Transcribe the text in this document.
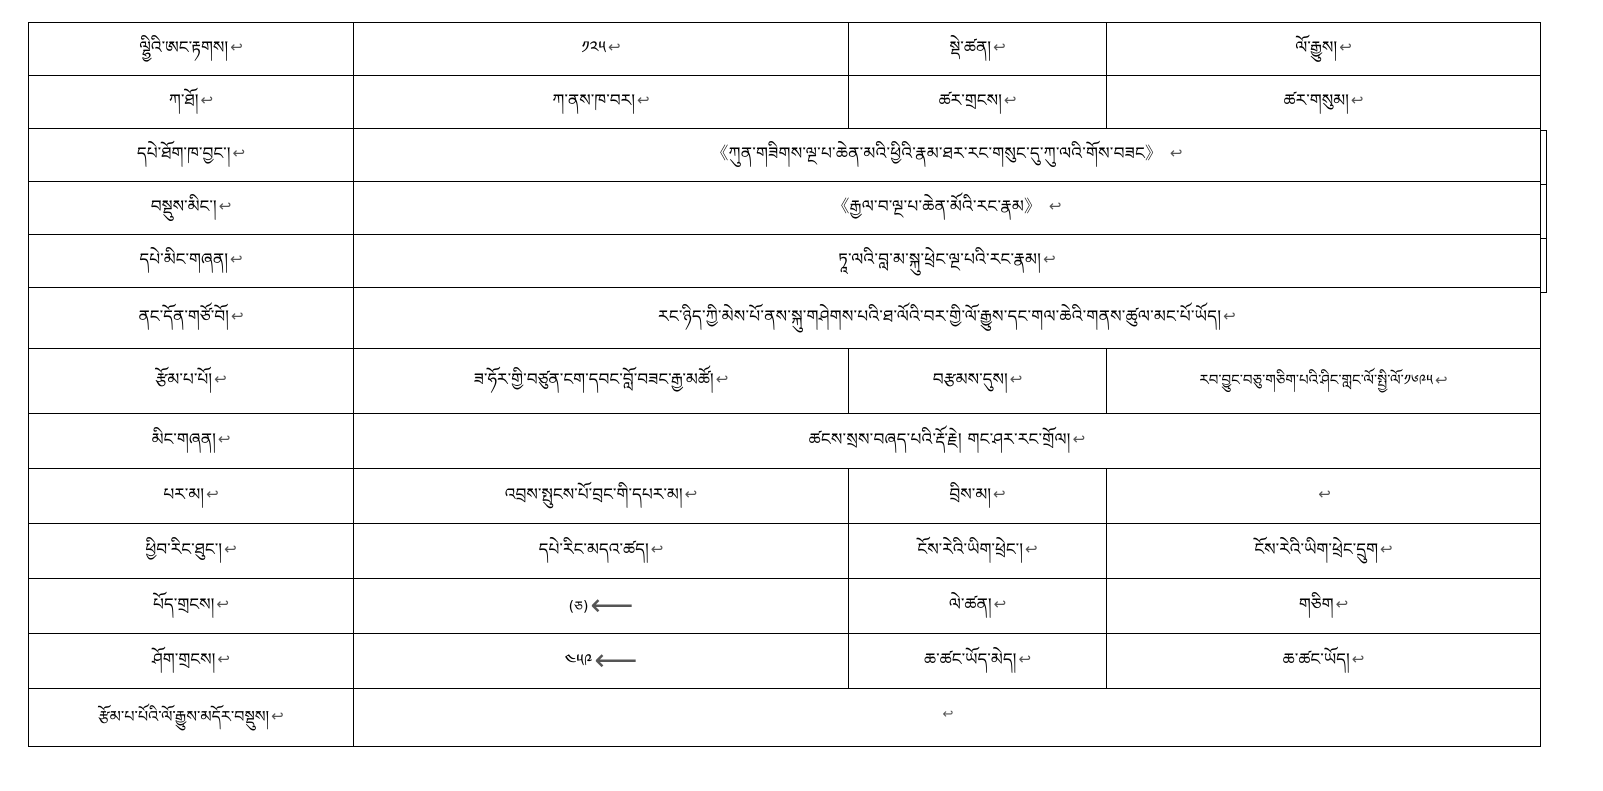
ལྷྱིའི་ཨང་རྟགས། ↩	༡༢༥ ↩	སྡེ་ཚན། ↩	ལོ་རྒྱུས། ↩
ཀ་ཐོ། ↩	ཀ་ནས་ཁ་བར། ↩	ཚར་གྲངས། ↩	ཚར་གསུམ། ↩
དཔེ་ཐོག་ཁ་བྱང་། ↩	《ཀུན་གཟིགས་ལྔ་པ་ཆེན་མའི་ཕྱིའི་རྣམ་ཐར་རང་གསུང་དུ་ཀུ་ལའི་གོས་བཟང》 ↩		
བསྡུས་མིང་། ↩	《རྒྱལ་བ་ལྔ་པ་ཆེན་མོའི་རང་རྣམ》 ↩		
དཔེ་མིང་གཞན། ↩	ཏཱ་ལའི་བླ་མ་སྐུ་ཕྲེང་ལྔ་པའི་རང་རྣམ། ↩		
ནང་དོན་གཙོ་བོ། ↩	རང་ཉིད་ཀྱི་མེས་པོ་ནས་སྐུ་གཤེགས་པའི་ཐ་ལོའི་བར་གྱི་ལོ་རྒྱུས་དང་གལ་ཆེའི་གནས་ཚུལ་མང་པོ་ཡོད། ↩		
རྩོམ་པ་པོ། ↩	ཟ་ཧོར་གྱི་བཙུན་ངག་དབང་བློ་བཟང་རྒྱ་མཚོ། ↩	བརྩམས་དུས། ↩	རབ་བྱུང་བཅུ་གཅིག་པའི་ཤིང་གླང་ལོ་སྤྱི་ལོ་༡༦༩༥ ↩
མིང་གཞན། ↩	ཚངས་སྲས་བཞད་པའི་རྡོ་རྗེ། གང་ཤར་རང་གྲོལ། ↩		
པར་མ། ↩	འབྲས་སྤུངས་པོ་བྲང་གི་དཔར་མ། ↩	བྲིས་མ། ↩	↩
ཕྱིབ་རིང་ཐུང་། ↩	དཔེ་རིང་མདའ་ཚད། ↩	ངོས་རེའི་ཡིག་ཕྲེང་། ↩	ངོས་རེའི་ཡིག་ཕྲེང་དྲུག ↩
པོད་གྲངས། ↩	(ཅ)⟵	ལེ་ཚན། ↩	གཅིག ↩
ཤོག་གྲངས། ↩	༤༥༩⟵	ཆ་ཚང་ཡོད་མེད། ↩	ཆ་ཚང་ཡོད། ↩
རྩོམ་པ་པོའི་ལོ་རྒྱུས་མདོར་བསྡུས། ↩	↩		
